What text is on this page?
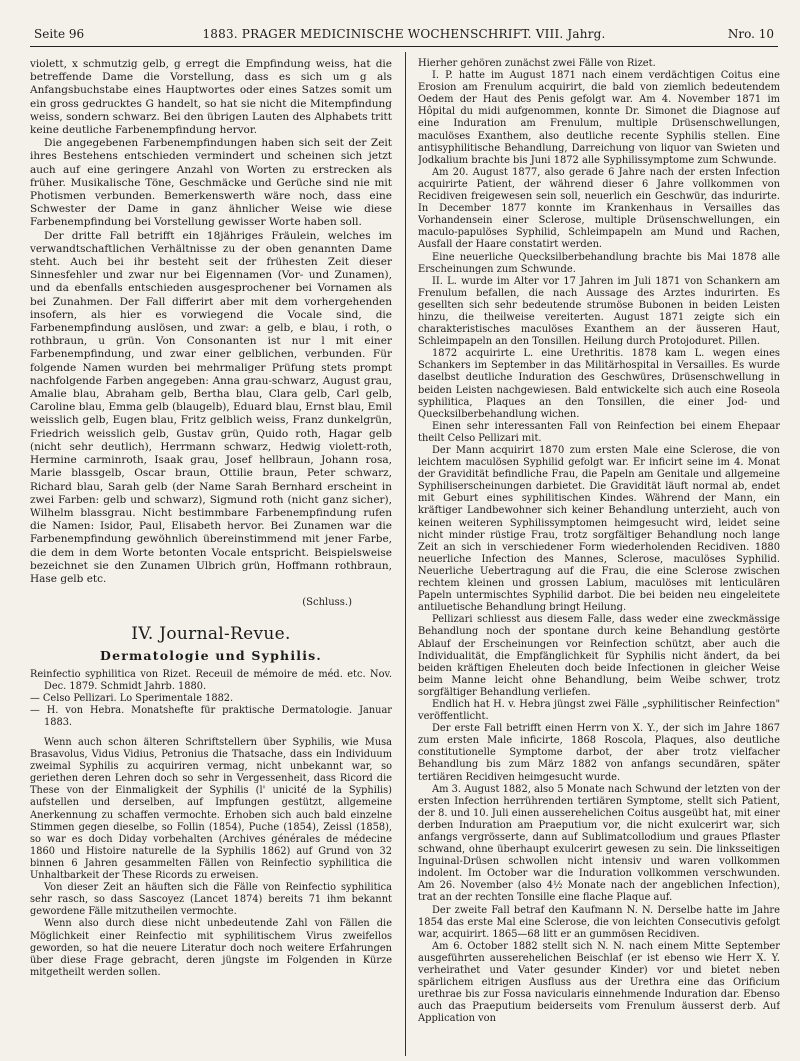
Seite 96	1883. PRAGER MEDICINISCHE WOCHENSCHRIFT. VIII. Jahrg.	Nro. 10

violett, x schmutzig gelb, g erregt die Empfindung weiss, hat die betreffende Dame die Vorstellung, dass es sich um g als Anfangsbuchstabe eines Hauptwortes oder eines Satzes somit um ein gross gedrucktes G handelt, so hat sie nicht die Mitempfindung weiss, sondern schwarz. Bei den übrigen Lauten des Alphabets tritt keine deutliche Farbenempfindung hervor.

Die angegebenen Farbenempfindungen haben sich seit der Zeit ihres Bestehens entschieden vermindert und scheinen sich jetzt auch auf eine geringere Anzahl von Worten zu erstrecken als früher. Musikalische Töne, Geschmäcke und Gerüche sind nie mit Photismen verbunden. Bemerkenswerth wäre noch, dass eine Schwester der Dame in ganz ähnlicher Weise wie diese Farbenempfindung bei Vorstellung gewisser Worte haben soll.

Der dritte Fall betrifft ein 18jähriges Fräulein, welches im verwandtschaftlichen Verhältnisse zu der oben genannten Dame steht. Auch bei ihr besteht seit der frühesten Zeit dieser Sinnesfehler und zwar nur bei Eigennamen (Vor- und Zunamen), und da ebenfalls entschieden ausgesprochener bei Vornamen als bei Zunahmen. Der Fall differirt aber mit dem vorhergehenden insofern, als hier es vorwiegend die Vocale sind, die Farbenempfindung auslösen, und zwar: a gelb, e blau, i roth, o rothbraun, u grün. Von Consonanten ist nur l mit einer Farbenempfindung, und zwar einer gelblichen, verbunden. Für folgende Namen wurden bei mehrmaliger Prüfung stets prompt nachfolgende Farben angegeben: Anna grau-schwarz, August grau, Amalie blau, Abraham gelb, Bertha blau, Clara gelb, Carl gelb, Caroline blau, Emma gelb (blaugelb), Eduard blau, Ernst blau, Emil weisslich gelb, Eugen blau, Fritz gelblich weiss, Franz dunkelgrün, Friedrich weisslich gelb, Gustav grün, Quido roth, Hagar gelb (nicht sehr deutlich), Herrmann schwarz, Hedwig violett-roth, Hermine carminroth, Isaak grau, Josef hellbraun, Johann rosa, Marie blassgelb, Oscar braun, Ottilie braun, Peter schwarz, Richard blau, Sarah gelb (der Name Sarah Bernhard erscheint in zwei Farben: gelb und schwarz), Sigmund roth (nicht ganz sicher), Wilhelm blassgrau. Nicht bestimmbare Farbenempfindung rufen die Namen: Isidor, Paul, Elisabeth hervor. Bei Zunamen war die Farbenempfindung gewöhnlich übereinstimmend mit jener Farbe, die dem in dem Worte betonten Vocale entspricht. Beispielsweise bezeichnet sie den Zunamen Ulbrich grün, Hoffmann rothbraun, Hase gelb etc.

(Schluss.)
IV. Journal-Revue.
Dermatologie und Syphilis.

Reinfectio syphilitica von Rizet. Receuil de mémoire de méd. etc. Nov. Dec. 1879. Schmidt Jahrb. 1880.

— Celso Pellizari. Lo Sperimentale 1882.

— H. von Hebra. Monatshefte für praktische Dermatologie. Januar 1883.

Wenn auch schon älteren Schriftstellern über Syphilis, wie Musa Brasavolus, Vidus Vidius, Petronius die Thatsache, dass ein Individuum zweimal Syphilis zu acquiriren vermag, nicht unbekannt war, so geriethen deren Lehren doch so sehr in Vergessenheit, dass Ricord die These von der Einmaligkeit der Syphilis (l' unicité de la Syphilis) aufstellen und derselben, auf Impfungen gestützt, allgemeine Anerkennung zu schaffen vermochte. Erhoben sich auch bald einzelne Stimmen gegen dieselbe, so Follin (1854), Puche (1854), Zeissl (1858), so war es doch Diday vorbehalten (Archives générales de médecine 1860 und Histoire naturelle de la Syphilis 1862) auf Grund von 32 binnen 6 Jahren gesammelten Fällen von Reinfectio syphilitica die Unhaltbarkeit der These Ricords zu erweisen.

Von dieser Zeit an häuften sich die Fälle von Reinfectio syphilitica sehr rasch, so dass Sascoyez (Lancet 1874) bereits 71 ihm bekannt gewordene Fälle mitzutheilen vermochte.

Wenn also durch diese nicht unbedeutende Zahl von Fällen die Möglichkeit einer Reinfectio mit syphilitischem Virus zweifellos geworden, so hat die neuere Literatur doch noch weitere Erfahrungen über diese Frage gebracht, deren jüngste im Folgenden in Kürze mitgetheilt werden sollen.

Hierher gehören zunächst zwei Fälle von Rizet.

I. P. hatte im August 1871 nach einem verdächtigen Coitus eine Erosion am Frenulum acquirirt, die bald von ziemlich bedeutendem Oedem der Haut des Penis gefolgt war. Am 4. November 1871 im Hôpital du midi aufgenommen, konnte Dr. Simonet die Diagnose auf eine Induration am Frenulum, multiple Drüsenschwellungen, maculöses Exanthem, also deutliche recente Syphilis stellen. Eine antisyphilitische Behandlung, Darreichung von liquor van Swieten und Jodkalium brachte bis Juni 1872 alle Syphilissymptome zum Schwunde.

Am 20. August 1877, also gerade 6 Jahre nach der ersten Infection acquirirte Patient, der während dieser 6 Jahre vollkommen von Recidiven freigewesen sein soll, neuerlich ein Geschwür, das indurirte. In December 1877 konnte im Krankenhaus in Versailles das Vorhandensein einer Sclerose, multiple Drüsenschwellungen, ein maculo-papulöses Syphilid, Schleimpapeln am Mund und Rachen, Ausfall der Haare constatirt werden.

Eine neuerliche Quecksilberbehandlung brachte bis Mai 1878 alle Erscheinungen zum Schwunde.

II. L. wurde im Alter vor 17 Jahren im Juli 1871 von Schankern am Frenulum befallen, die nach Aussage des Arztes indurirten. Es gesellten sich sehr bedeutende strumöse Bubonen in beiden Leisten hinzu, die theilweise vereiterten. August 1871 zeigte sich ein charakteristisches maculöses Exanthem an der äusseren Haut, Schleimpapeln an den Tonsillen. Heilung durch Protojoduret. Pillen.

1872 acquirirte L. eine Urethritis. 1878 kam L. wegen eines Schankers im September in das Militärhospital in Versailles. Es wurde daselbst deutliche Induration des Geschwüres, Drüsenschwellung in beiden Leisten nachgewiesen. Bald entwickelte sich auch eine Roseola syphilitica, Plaques an den Tonsillen, die einer Jod- und Quecksilberbehandlung wichen.

Einen sehr interessanten Fall von Reinfection bei einem Ehepaar theilt Celso Pellizari mit.

Der Mann acquirirt 1870 zum ersten Male eine Sclerose, die von leichtem maculösen Syphilid gefolgt war. Er inficirt seine im 4. Monat der Gravidität befindliche Frau, die Papeln am Genitale und allgemeine Syphiliserscheinungen darbietet. Die Gravidität läuft normal ab, endet mit Geburt eines syphilitischen Kindes. Während der Mann, ein kräftiger Landbewohner sich keiner Behandlung unterzieht, auch von keinen weiteren Syphilissymptomen heimgesucht wird, leidet seine nicht minder rüstige Frau, trotz sorgfältiger Behandlung noch lange Zeit an sich in verschiedener Form wiederholenden Recidiven. 1880 neuerliche Infection des Mannes, Sclerose, maculöses Syphilid. Neuerliche Uebertragung auf die Frau, die eine Sclerose zwischen rechtem kleinen und grossen Labium, maculöses mit lenticulären Papeln untermischtes Syphilid darbot. Die bei beiden neu eingeleitete antiluetische Behandlung bringt Heilung.

Pellizari schliesst aus diesem Falle, dass weder eine zweckmässige Behandlung noch der spontane durch keine Behandlung gestörte Ablauf der Erscheinungen vor Reinfection schützt, aber auch die Individualität, die Empfänglichkeit für Syphilis nicht ändert, da bei beiden kräftigen Eheleuten doch beide Infectionen in gleicher Weise beim Manne leicht ohne Behandlung, beim Weibe schwer, trotz sorgfältiger Behandlung verliefen.

Endlich hat H. v. Hebra jüngst zwei Fälle „syphilitischer Reinfection" veröffentlicht.

Der erste Fall betrifft einen Herrn von X. Y., der sich im Jahre 1867 zum ersten Male inficirte, 1868 Roscola, Plaques, also deutliche constitutionelle Symptome darbot, der aber trotz vielfacher Behandlung bis zum März 1882 von anfangs secundären, später tertiären Recidiven heimgesucht wurde.

Am 3. August 1882, also 5 Monate nach Schwund der letzten von der ersten Infection herrührenden tertiären Symptome, stellt sich Patient, der 8. und 10. Juli einen ausserehelichen Coitus ausgeübt hat, mit einer derben Induration am Praeputium vor, die nicht exulcerirt war, sich anfangs vergrösserte, dann auf Sublimatcollodium und graues Pflaster schwand, ohne überhaupt exulcerirt gewesen zu sein. Die linksseitigen Inguinal-Drüsen schwollen nicht intensiv und waren vollkommen indolent. Im October war die Induration vollkommen verschwunden. Am 26. November (also 4½ Monate nach der angeblichen Infection), trat an der rechten Tonsille eine flache Plaque auf.

Der zweite Fall betraf den Kaufmann N. N. Derselbe hatte im Jahre 1854 das erste Mal eine Sclerose, die von leichten Consecutivis gefolgt war, acquirirt. 1865—68 litt er an gummösen Recidiven.

Am 6. October 1882 stellt sich N. N. nach einem Mitte September ausgeführten ausserehelichen Beischlaf (er ist ebenso wie Herr X. Y. verheirathet und Vater gesunder Kinder) vor und bietet neben spärlichem eitrigen Ausfluss aus der Urethra eine das Orificium urethrae bis zur Fossa navicularis einnehmende Induration dar. Ebenso auch das Praeputium beiderseits vom Frenulum äusserst derb. Auf Application von
